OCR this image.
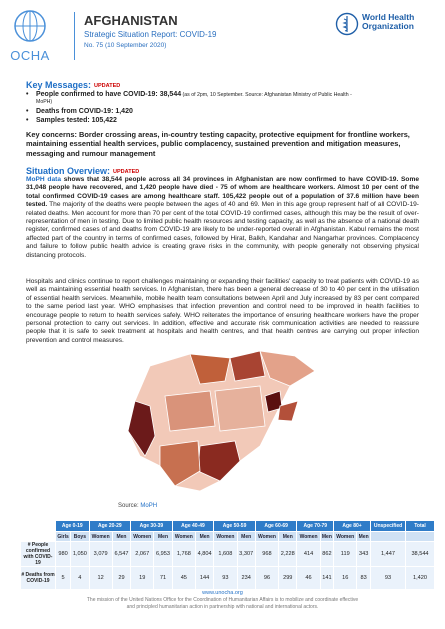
OCHA
AFGHANISTAN
Strategic Situation Report: COVID-19
No. 75 (10 September 2020)
World Health
Organization
Key Messages: UPDATED
• People confirmed to have COVID-19: 38,544 (as of 2pm, 10 September. Source: Afghanistan Ministry of Public Health -
MoPH)
• Deaths from COVID-19: 1,420
• Samples tested: 105,422
Key concerns: Border crossing areas, in-country testing capacity, protective equipment for frontline workers, maintaining essential health services, public complacency, sustained prevention and mitigation measures, messaging and rumour management
Situation Overview: UPDATED
MoPH data shows that 38,544 people across all 34 provinces in Afghanistan are now confirmed to have COVID-19. Some 31,048 people have recovered, and 1,420 people have died - 75 of whom are healthcare workers. Almost 10 per cent of the total confirmed COVID-19 cases are among healthcare staff. 105,422 people out of a population of 37.6 million have been tested. The majority of the deaths were people between the ages of 40 and 69. Men in this age group represent half of all COVID-19-related deaths. Men account for more than 70 per cent of the total COVID-19 confirmed cases, although this may be the result of over-representation of men in testing. Due to limited public health resources and testing capacity, as well as the absence of a national death register, confirmed cases of and deaths from COVID-19 are likely to be under-reported overall in Afghanistan. Kabul remains the most affected part of the country in terms of confirmed cases, followed by Hirat, Balkh, Kandahar and Nangarhar provinces. Complacency and failure to follow public health advice is creating grave risks in the community, with people generally not observing physical distancing protocols.
Hospitals and clinics continue to report challenges maintaining or expanding their facilities' capacity to treat patients with COVID-19 as well as maintaining essential health services. In Afghanistan, there has been a general decrease of 30 to 40 per cent in the utilisation of essential health services. Meanwhile, mobile health team consultations between April and July increased by 83 per cent compared to the same period last year. WHO emphasises that infection prevention and control need to be improved in health facilities to encourage people to return to health services safely. WHO reiterates the importance of ensuring healthcare workers have the proper personal protection to carry out services. In addition, effective and accurate risk communication activities are needed to reassure people that it is safe to seek treatment at hospitals and health centres, and that health centres are carrying out proper infection prevention and control measures.
Source: MoPH
	Age 0-19		Age 20-29		Age 30-39		Age 40-49		Age 50-59		Age 60-69		Age 70-79		Age 80+		Unspecified	Total
	Girls	Boys	Women	Men	Women	Men	Women	Men	Women	Men	Women	Men	Women	Men	Women	Men		
# People confirmed with COVID-19	980	1,050	3,079	6,547	2,067	6,953	1,768	4,804	1,608	3,307	968	2,228	414	862	119	343	1,447	38,544
# Deaths from COVID-19	5	4	12	29	19	71	45	144	93	234	96	299	46	141	16	83	93	1,420
www.unocha.org
The mission of the United Nations Office for the Coordination of Humanitarian Affairs is to mobilize and coordinate effective
and principled humanitarian action in partnership with national and international actors.
